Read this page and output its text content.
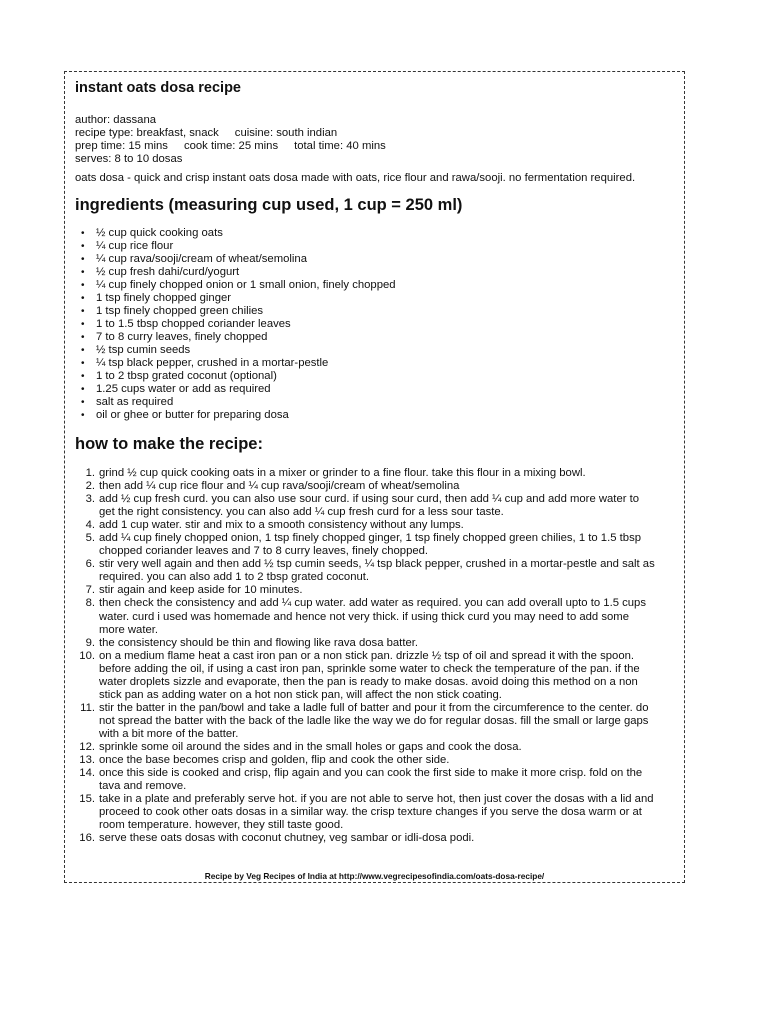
instant oats dosa recipe
author: dassana
recipe type: breakfast, snack cuisine: south indian
prep time: 15 mins cook time: 25 mins total time: 40 mins
serves: 8 to 10 dosas
oats dosa - quick and crisp instant oats dosa made with oats, rice flour and rawa/sooji. no fermentation required.
ingredients (measuring cup used, 1 cup = 250 ml)
• ½ cup quick cooking oats
• ¼ cup rice flour
• ¼ cup rava/sooji/cream of wheat/semolina
• ½ cup fresh dahi/curd/yogurt
• ¼ cup finely chopped onion or 1 small onion, finely chopped
• 1 tsp finely chopped ginger
• 1 tsp finely chopped green chilies
• 1 to 1.5 tbsp chopped coriander leaves
• 7 to 8 curry leaves, finely chopped
• ½ tsp cumin seeds
• ¼ tsp black pepper, crushed in a mortar-pestle
• 1 to 2 tbsp grated coconut (optional)
• 1.25 cups water or add as required
• salt as required
• oil or ghee or butter for preparing dosa
how to make the recipe:
1. grind ½ cup quick cooking oats in a mixer or grinder to a fine flour. take this flour in a mixing bowl.
2. then add ¼ cup rice flour and ¼ cup rava/sooji/cream of wheat/semolina
3. add ½ cup fresh curd. you can also use sour curd. if using sour curd, then add ¼ cup and add more water to
get the right consistency. you can also add ¼ cup fresh curd for a less sour taste.
4. add 1 cup water. stir and mix to a smooth consistency without any lumps.
5. add ¼ cup finely chopped onion, 1 tsp finely chopped ginger, 1 tsp finely chopped green chilies, 1 to 1.5 tbsp
chopped coriander leaves and 7 to 8 curry leaves, finely chopped.
6. stir very well again and then add ½ tsp cumin seeds, ¼ tsp black pepper, crushed in a mortar-pestle and salt as
required. you can also add 1 to 2 tbsp grated coconut.
7. stir again and keep aside for 10 minutes.
8. then check the consistency and add ¼ cup water. add water as required. you can add overall upto to 1.5 cups
water. curd i used was homemade and hence not very thick. if using thick curd you may need to add some
more water.
9. the consistency should be thin and flowing like rava dosa batter.
10. on a medium flame heat a cast iron pan or a non stick pan. drizzle ½ tsp of oil and spread it with the spoon.
before adding the oil, if using a cast iron pan, sprinkle some water to check the temperature of the pan. if the
water droplets sizzle and evaporate, then the pan is ready to make dosas. avoid doing this method on a non
stick pan as adding water on a hot non stick pan, will affect the non stick coating.
11. stir the batter in the pan/bowl and take a ladle full of batter and pour it from the circumference to the center. do
not spread the batter with the back of the ladle like the way we do for regular dosas. fill the small or large gaps
with a bit more of the batter.
12. sprinkle some oil around the sides and in the small holes or gaps and cook the dosa.
13. once the base becomes crisp and golden, flip and cook the other side.
14. once this side is cooked and crisp, flip again and you can cook the first side to make it more crisp. fold on the
tava and remove.
15. take in a plate and preferably serve hot. if you are not able to serve hot, then just cover the dosas with a lid and
proceed to cook other oats dosas in a similar way. the crisp texture changes if you serve the dosa warm or at
room temperature. however, they still taste good.
16. serve these oats dosas with coconut chutney, veg sambar or idli-dosa podi.
Recipe by Veg Recipes of India at http://www.vegrecipesofindia.com/oats-dosa-recipe/
